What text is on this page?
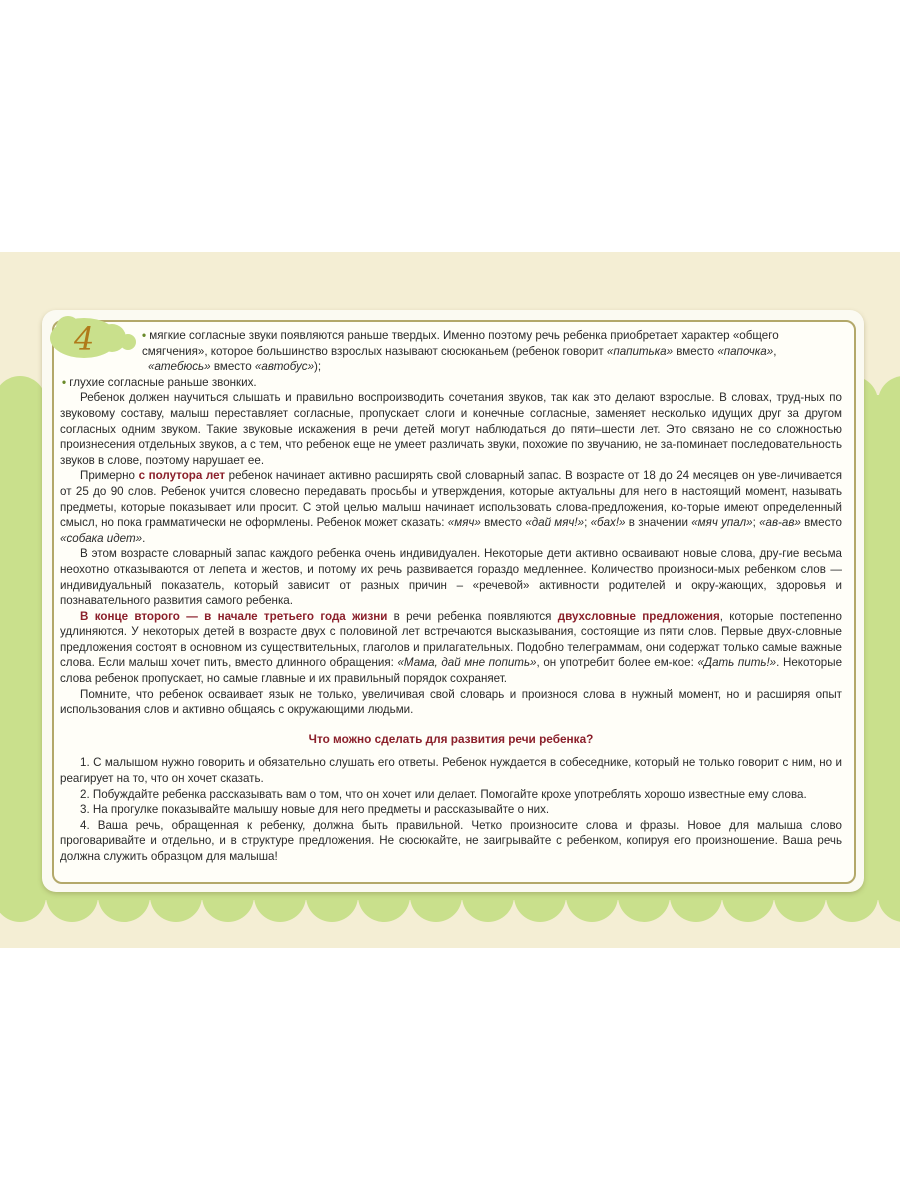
4	• мягкие согласные звуки появляются раньше твердых. Именно поэтому речь ребенка приобретает характер «общего

смягчения», которое большинство взрослых называют сюсюканьем (ребенок говорит «папитька» вместо «папочка»,

«атебюсь» вместо «автобус»);

• глухие согласные раньше звонких.

Ребенок должен научиться слышать и правильно воспроизводить сочетания звуков, так как это делают взрослые. В словах, труд-ных по звуковому составу, малыш переставляет согласные, пропускает слоги и конечные согласные, заменяет несколько идущих друг за другом согласных одним звуком. Такие звуковые искажения в речи детей могут наблюдаться до пяти–шести лет. Это связано не со сложностью произнесения отдельных звуков, а с тем, что ребенок еще не умеет различать звуки, похожие по звучанию, не за-поминает последовательность звуков в слове, поэтому нарушает ее.

Примерно с полутора лет ребенок начинает активно расширять свой словарный запас. В возрасте от 18 до 24 месяцев он уве-личивается от 25 до 90 слов. Ребенок учится словесно передавать просьбы и утверждения, которые актуальны для него в настоящий момент, называть предметы, которые показывает или просит. С этой целью малыш начинает использовать слова-предложения, ко-торые имеют определенный смысл, но пока грамматически не оформлены. Ребенок может сказать: «мяч» вместо «дай мяч!»; «бах!» в значении «мяч упал»; «ав-ав» вместо «собака идет».

В этом возрасте словарный запас каждого ребенка очень индивидуален. Некоторые дети активно осваивают новые слова, дру-гие весьма неохотно отказываются от лепета и жестов, и потому их речь развивается гораздо медленнее. Количество произноси-мых ребенком слов — индивидуальный показатель, который зависит от разных причин – «речевой» активности родителей и окру-жающих, здоровья и познавательного развития самого ребенка.

В конце второго — в начале третьего года жизни в речи ребенка появляются двухсловные предложения, которые постепенно удлиняются. У некоторых детей в возрасте двух с половиной лет встречаются высказывания, состоящие из пяти слов. Первые двух-словные предложения состоят в основном из существительных, глаголов и прилагательных. Подобно телеграммам, они содержат только самые важные слова. Если малыш хочет пить, вместо длинного обращения: «Мама, дай мне попить», он употребит более ем-кое: «Дать пить!». Некоторые слова ребенок пропускает, но самые главные и их правильный порядок сохраняет.

Помните, что ребенок осваивает язык не только, увеличивая свой словарь и произнося слова в нужный момент, но и расширяя опыт использования слов и активно общаясь с окружающими людьми.

Что можно сделать для развития речи ребенка?

1. С малышом нужно говорить и обязательно слушать его ответы. Ребенок нуждается в собеседнике, который не только говорит с ним, но и реагирует на то, что он хочет сказать.

2. Побуждайте ребенка рассказывать вам о том, что он хочет или делает. Помогайте крохе употреблять хорошо известные ему слова.

3. На прогулке показывайте малышу новые для него предметы и рассказывайте о них.

4. Ваша речь, обращенная к ребенку, должна быть правильной. Четко произносите слова и фразы. Новое для малыша слово проговаривайте и отдельно, и в структуре предложения. Не сюсюкайте, не заигрывайте с ребенком, копируя его произношение. Ваша речь должна служить образцом для малыша!
